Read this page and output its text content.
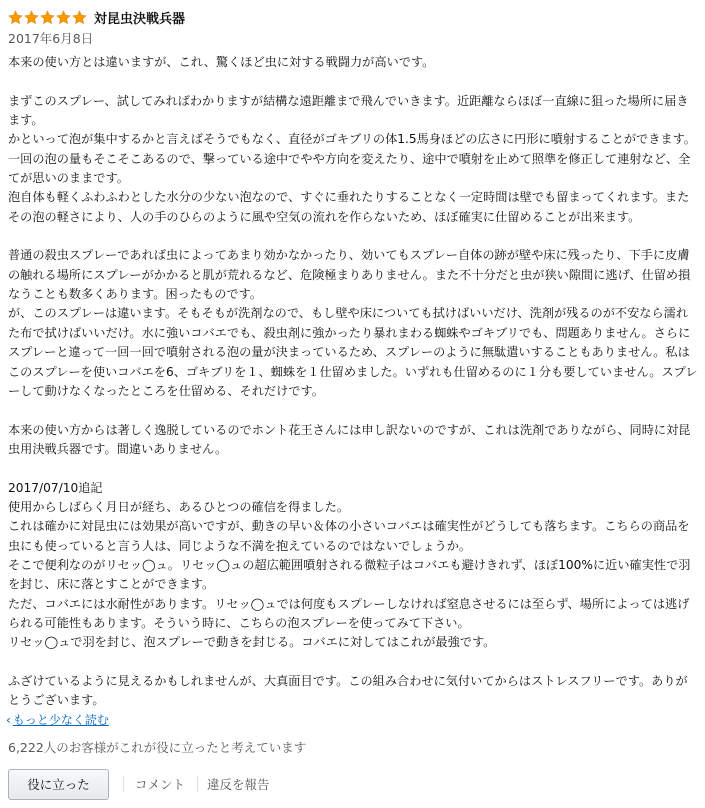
対昆虫決戦兵器
2017年6月8日
本来の使い方とは違いますが、これ、驚くほど虫に対する戦闘力が高いです。
まずこのスプレー、試してみればわかりますが結構な遠距離まで飛んでいきます。近距離ならほぼ一直線に狙った場所に届きます。
かといって泡が集中するかと言えばそうでもなく、直径がゴキブリの体1.5馬身ほどの広さに円形に噴射することができます。一回の泡の量もそこそこあるので、撃っている途中でやや方向を変えたり、途中で噴射を止めて照準を修正して連射など、全てが思いのままです。
泡自体も軽くふわふわとした水分の少ない泡なので、すぐに垂れたりすることなく一定時間は壁でも留まってくれます。またその泡の軽さにより、人の手のひらのように風や空気の流れを作らないため、ほぼ確実に仕留めることが出来ます。
普通の殺虫スプレーであれば虫によってあまり効かなかったり、効いてもスプレー自体の跡が壁や床に残ったり、下手に皮膚の触れる場所にスプレーがかかると肌が荒れるなど、危険極まりありません。また不十分だと虫が狭い隙間に逃げ、仕留め損なうことも数多くあります。困ったものです。
が、このスプレーは違います。そもそもが洗剤なので、もし壁や床についても拭けばいいだけ、洗剤が残るのが不安なら濡れた布で拭けばいいだけ。水に強いコバエでも、殺虫剤に強かったり暴れまわる蜘蛛やゴキブリでも、問題ありません。さらにスプレーと違って一回一回で噴射される泡の量が決まっているため、スプレーのように無駄遣いすることもありません。私はこのスプレーを使いコバエを6、ゴキブリを１、蜘蛛を１仕留めました。いずれも仕留めるのに１分も要していません。スプレーして動けなくなったところを仕留める、それだけです。
本来の使い方からは著しく逸脱しているのでホント花王さんには申し訳ないのですが、これは洗剤でありながら、同時に対昆虫用決戦兵器です。間違いありません。
2017/07/10追記
使用からしばらく月日が経ち、あるひとつの確信を得ました。
これは確かに対昆虫には効果が高いですが、動きの早い＆体の小さいコバエは確実性がどうしても落ちます。こちらの商品を虫にも使っていると言う人は、同じような不満を抱えているのではないでしょうか。
そこで便利なのがリセッ◯ュ。リセッ◯ュの超広範囲噴射される微粒子はコバエも避けきれず、ほぼ100%に近い確実性で羽を封じ、床に落とすことができます。
ただ、コバエには水耐性があります。リセッ◯ュでは何度もスプレーしなければ窒息させるには至らず、場所によっては逃げられる可能性もあります。そういう時に、こちらの泡スプレーを使ってみて下さい。
リセッ◯ュで羽を封じ、泡スプレーで動きを封じる。コバエに対してはこれが最強です。
ふざけているように見えるかもしれませんが、大真面目です。この組み合わせに気付いてからはストレスフリーです。ありがとうございます。
‹ もっと少なく読む
6,222人のお客様がこれが役に立ったと考えています
役に立った	コメント 違反を報告
